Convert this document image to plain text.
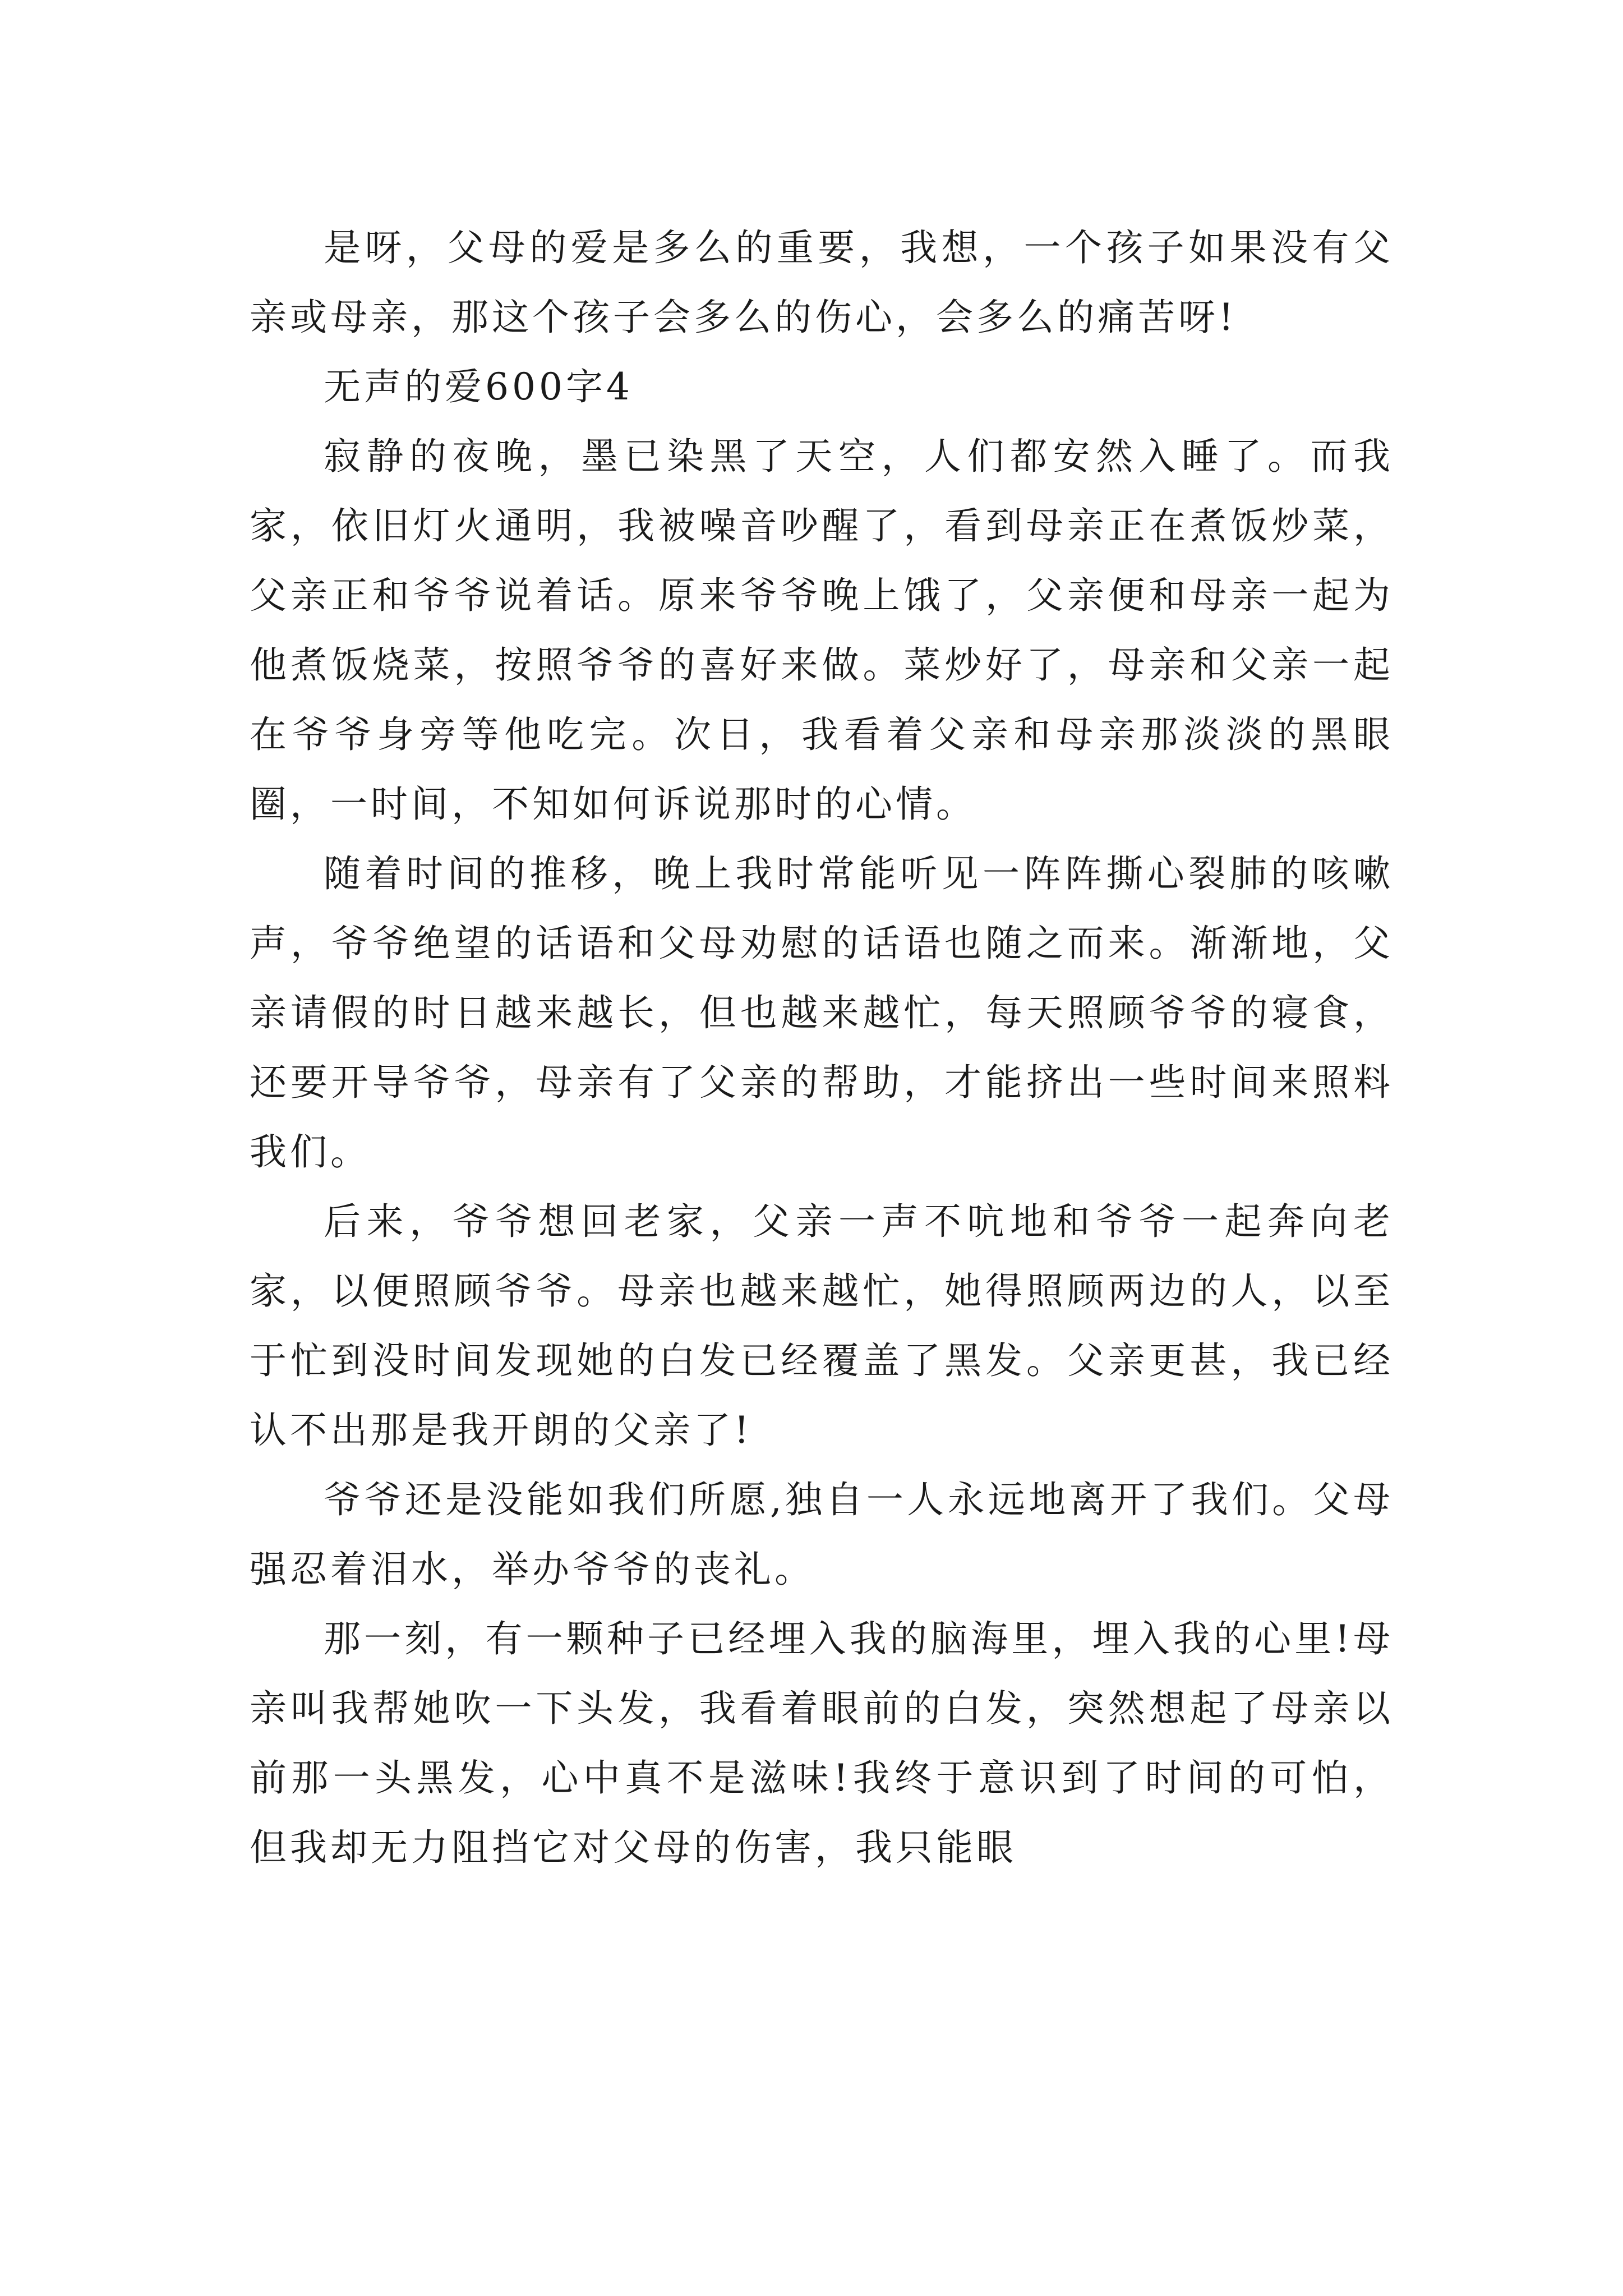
是呀，父母的爱是多么的重要，我想，一个孩子如果没有父亲或母亲，那这个孩子会多么的伤心，会多么的痛苦呀!

无声的爱600字4

寂静的夜晚，墨已染黑了天空，人们都安然入睡了。而我家，依旧灯火通明，我被噪音吵醒了，看到母亲正在煮饭炒菜，父亲正和爷爷说着话。原来爷爷晚上饿了，父亲便和母亲一起为他煮饭烧菜，按照爷爷的喜好来做。菜炒好了，母亲和父亲一起在爷爷身旁等他吃完。次日，我看着父亲和母亲那淡淡的黑眼圈，一时间，不知如何诉说那时的心情。

随着时间的推移，晚上我时常能听见一阵阵撕心裂肺的咳嗽声，爷爷绝望的话语和父母劝慰的话语也随之而来。渐渐地，父亲请假的时日越来越长，但也越来越忙，每天照顾爷爷的寝食，还要开导爷爷，母亲有了父亲的帮助，才能挤出一些时间来照料我们。

后来，爷爷想回老家，父亲一声不吭地和爷爷一起奔向老家，以便照顾爷爷。母亲也越来越忙，她得照顾两边的人，以至于忙到没时间发现她的白发已经覆盖了黑发。父亲更甚，我已经认不出那是我开朗的父亲了!

爷爷还是没能如我们所愿,独自一人永远地离开了我们。父母强忍着泪水，举办爷爷的丧礼。

那一刻，有一颗种子已经埋入我的脑海里，埋入我的心里!母亲叫我帮她吹一下头发，我看着眼前的白发，突然想起了母亲以前那一头黑发，心中真不是滋味!我终于意识到了时间的可怕，但我却无力阻挡它对父母的伤害，我只能眼
